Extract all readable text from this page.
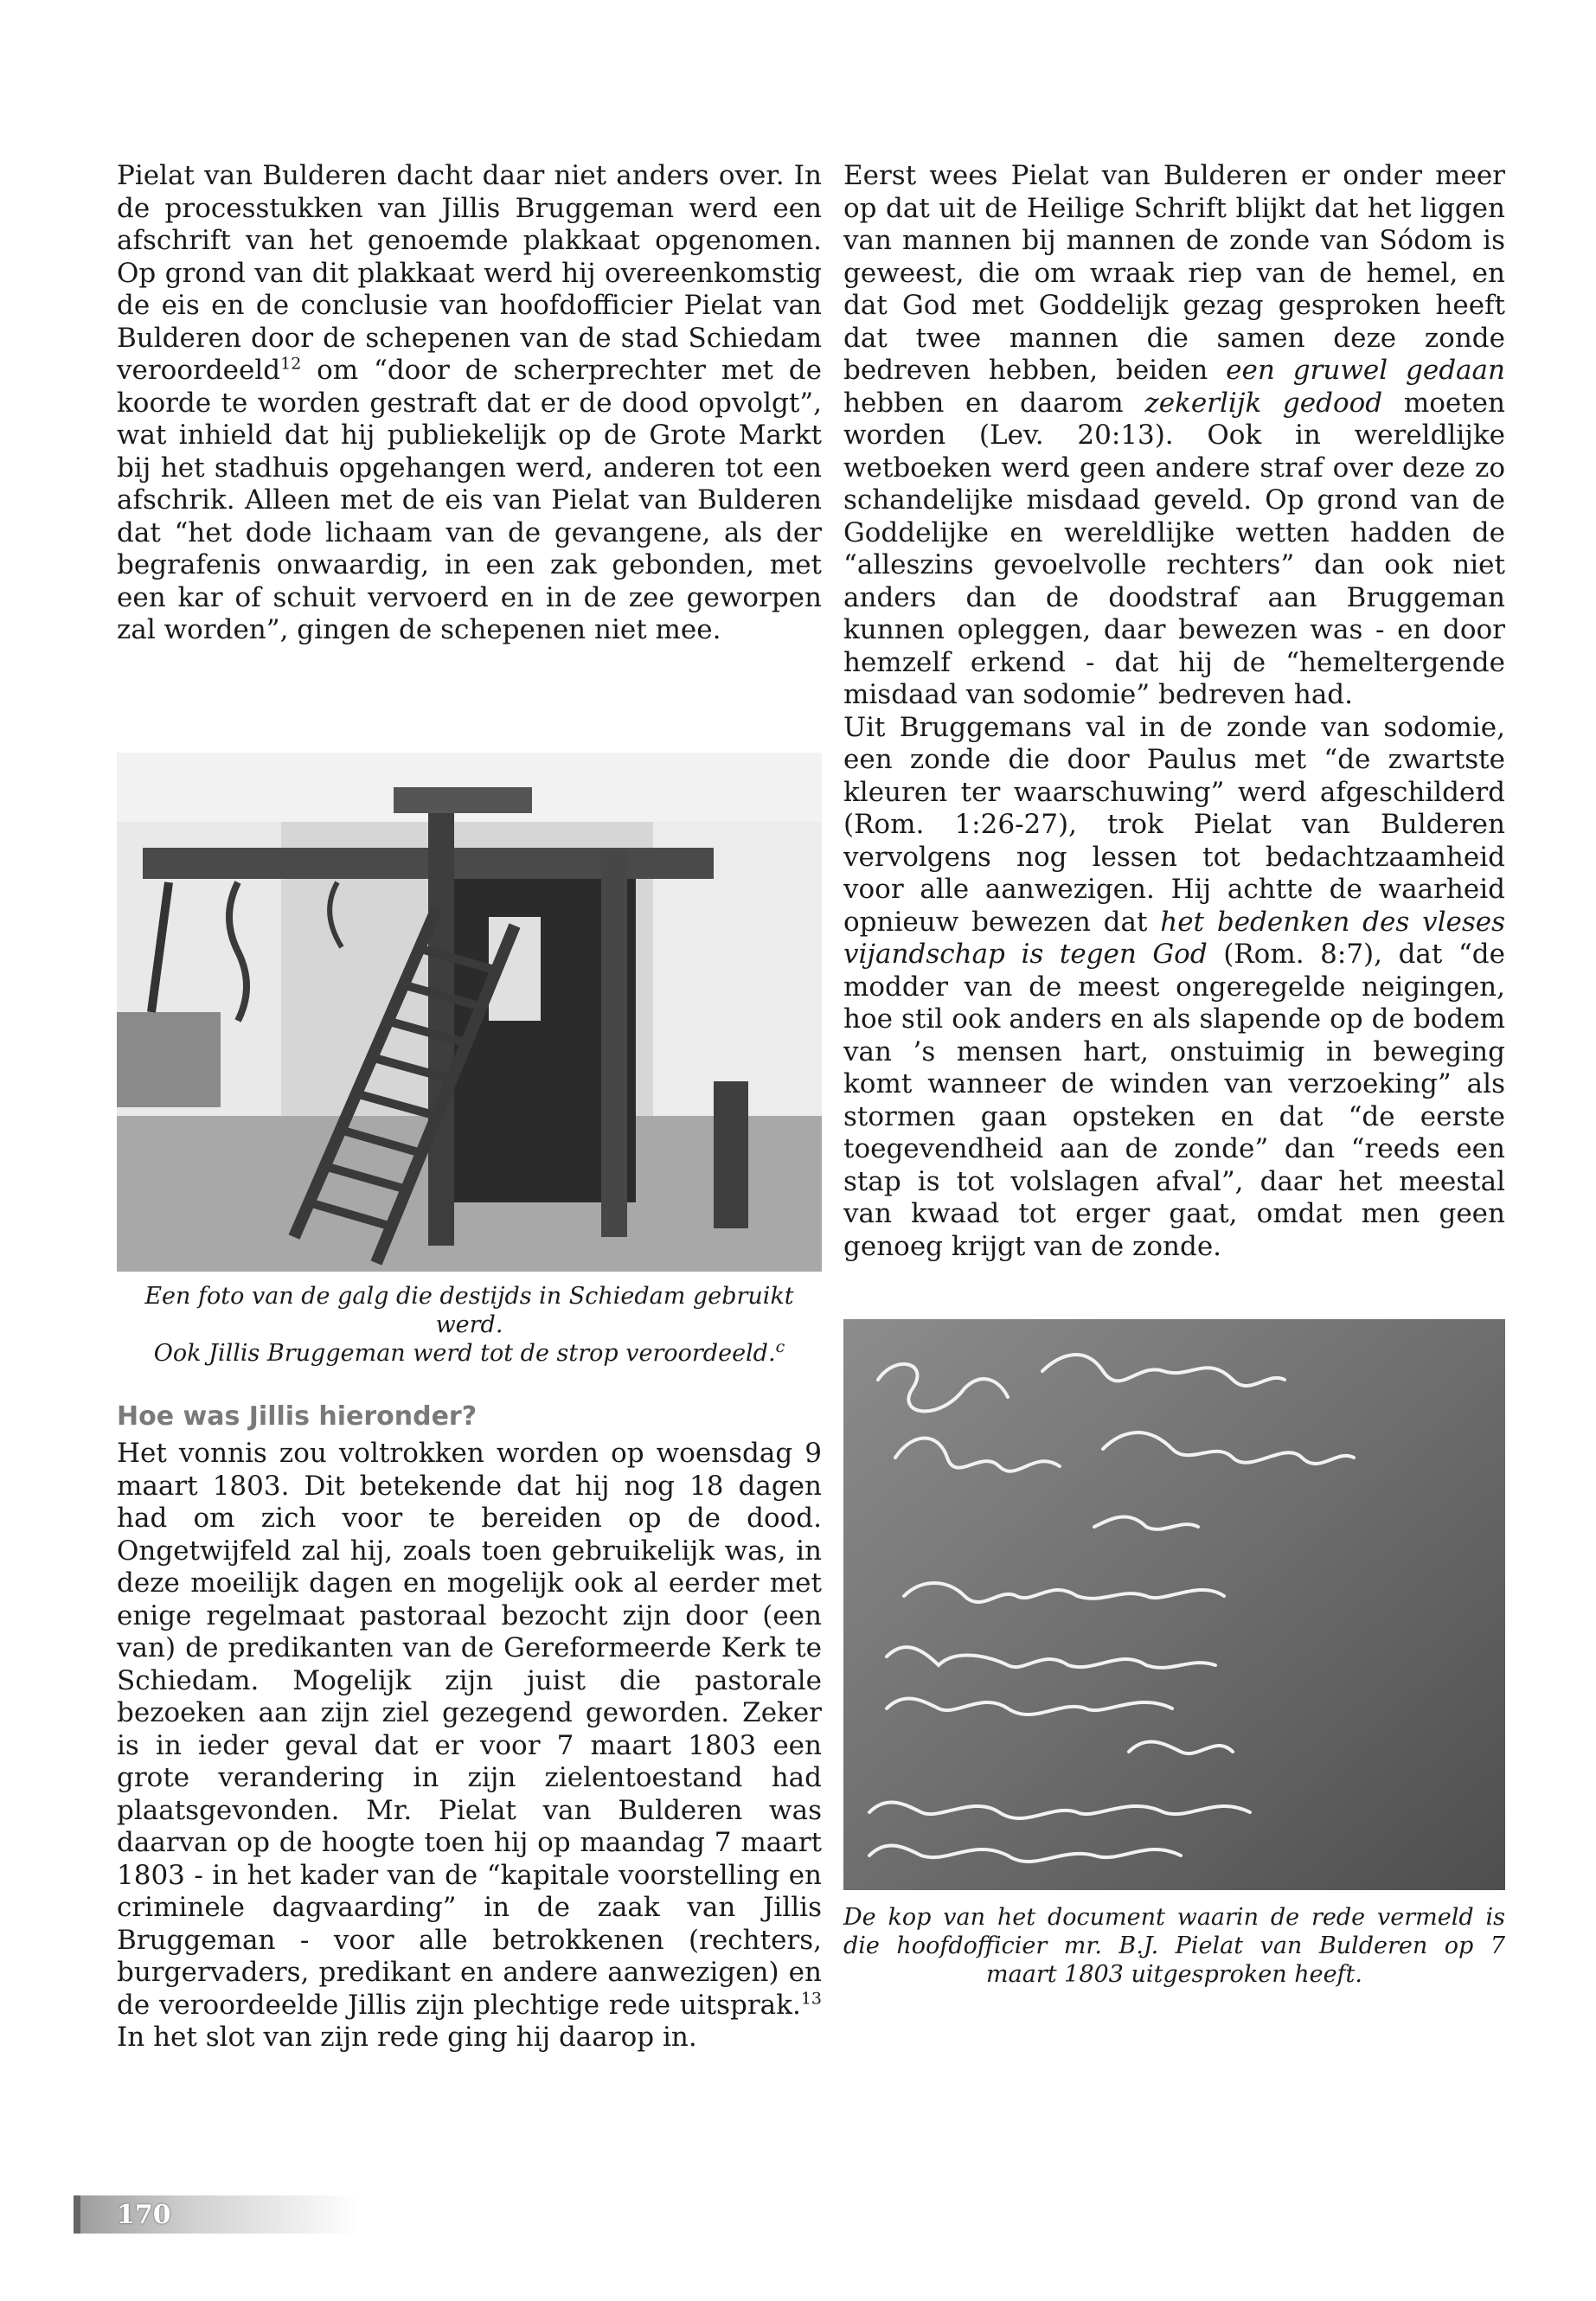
Pielat van Bulderen dacht daar niet anders over. In de processtukken van Jillis Bruggeman werd een afschrift van het genoemde plakkaat opgenomen. Op grond van dit plakkaat werd hij overeenkomstig de eis en de conclusie van hoofdofficier Pielat van Bulderen door de schepenen van de stad Schiedam veroordeeld$^{12}$ om “door de scherprechter met de koorde te worden gestraft dat er de dood opvolgt”, wat inhield dat hij publiekelijk op de Grote Markt bij het stadhuis opgehangen werd, anderen tot een afschrik. Alleen met de eis van Pielat van Bulderen dat “het dode lichaam van de gevangene, als der begrafenis onwaardig, in een zak gebonden, met een kar of schuit vervoerd en in de zee geworpen zal worden”, gingen de schepenen niet mee.

Een foto van de galg die destijds in Schiedam gebruikt werd.
Ook Jillis Bruggeman werd tot de strop veroordeeld.$^c$

Hoe was Jillis hieronder?

Het vonnis zou voltrokken worden op woensdag 9 maart 1803. Dit betekende dat hij nog 18 dagen had om zich voor te bereiden op de dood. Ongetwijfeld zal hij, zoals toen gebruikelijk was, in deze moeilijk dagen en mogelijk ook al eerder met enige regelmaat pastoraal bezocht zijn door (een van) de predikanten van de Gereformeerde Kerk te Schiedam. Mogelijk zijn juist die pastorale bezoeken aan zijn ziel gezegend geworden. Zeker is in ieder geval dat er voor 7 maart 1803 een grote verandering in zijn zielentoestand had plaatsgevonden. Mr. Pielat van Bulderen was daarvan op de hoogte toen hij op maandag 7 maart 1803 - in het kader van de “kapitale voorstelling en criminele dagvaarding” in de zaak van Jillis Bruggeman - voor alle betrokkenen (rechters, burgervaders, predikant en andere aanwezigen) en de veroordeelde Jillis zijn plechtige rede uitsprak.$^{13}$ In het slot van zijn rede ging hij daarop in.

Eerst wees Pielat van Bulderen er onder meer op dat uit de Heilige Schrift blijkt dat het liggen van mannen bij mannen de zonde van Sódom is geweest, die om wraak riep van de hemel, en dat God met Goddelijk gezag gesproken heeft dat twee mannen die samen deze zonde bedreven hebben, beiden een gruwel gedaan hebben en daarom zekerlijk gedood moeten worden (Lev. 20:13). Ook in wereldlijke wetboeken werd geen andere straf over deze zo schandelijke misdaad geveld. Op grond van de Goddelijke en wereldlijke wetten hadden de “alleszins gevoelvolle rechters” dan ook niet anders dan de doodstraf aan Bruggeman kunnen opleggen, daar bewezen was - en door hemzelf erkend - dat hij de “hemeltergende misdaad van sodomie” bedreven had.

Uit Bruggemans val in de zonde van sodomie, een zonde die door Paulus met “de zwartste kleuren ter waarschuwing” werd afgeschilderd (Rom. 1:26-27), trok Pielat van Bulderen vervolgens nog lessen tot bedachtzaamheid voor alle aanwezigen. Hij achtte de waarheid opnieuw bewezen dat het bedenken des vleses vijandschap is tegen God (Rom. 8:7), dat “de modder van de meest ongeregelde neigingen, hoe stil ook anders en als slapende op de bodem van ’s mensen hart, onstuimig in beweging komt wanneer de winden van verzoeking” als stormen gaan opsteken en dat “de eerste toegevendheid aan de zonde” dan “reeds een stap is tot volslagen afval”, daar het meestal van kwaad tot erger gaat, omdat men geen genoeg krijgt van de zonde.

De kop van het document waarin de rede vermeld is die hoofdofficier mr. B.J. Pielat van Bulderen op 7 maart 1803 uitgesproken heeft.

170
